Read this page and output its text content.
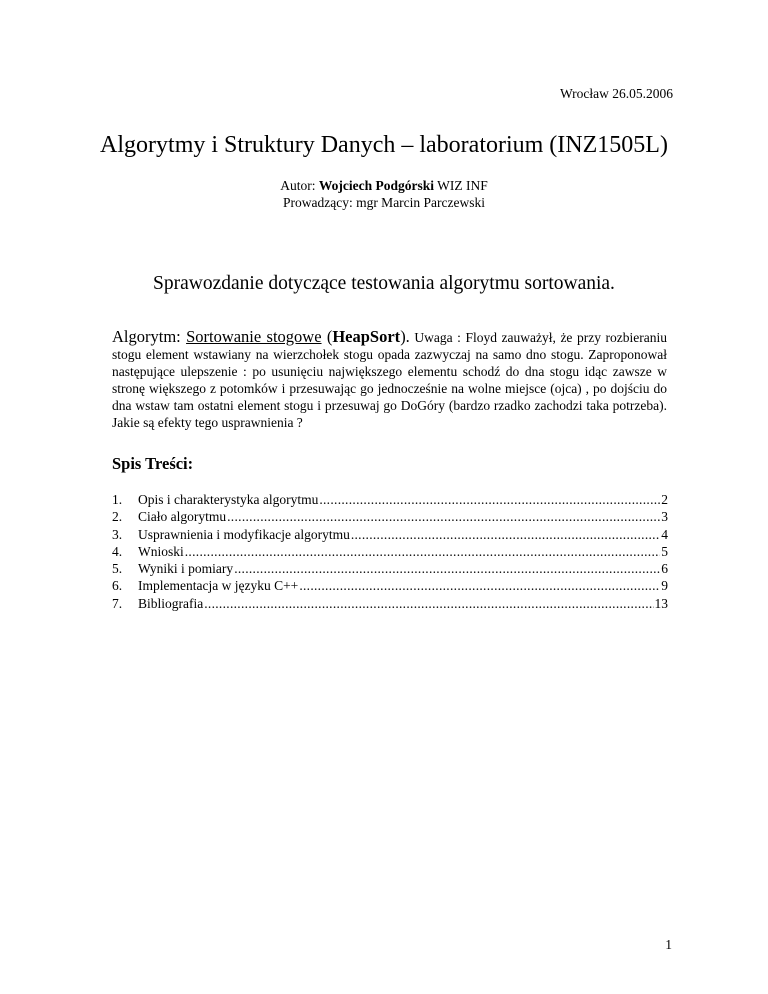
Wrocław 26.05.2006
Algorytmy i Struktury Danych – laboratorium (INZ1505L)
Autor: Wojciech Podgórski WIZ INF
Prowadzący: mgr Marcin Parczewski
Sprawozdanie dotyczące testowania algorytmu sortowania.
Algorytm: Sortowanie stogowe (HeapSort). Uwaga : Floyd zauważył, że przy rozbieraniu stogu element wstawiany na wierzchołek stogu opada zazwyczaj na samo dno stogu. Zaproponował następujące ulepszenie : po usunięciu największego elementu schodź do dna stogu idąc zawsze w stronę większego z potomków i przesuwając go jednocześnie na wolne miejsce (ojca) , po dojściu do dna wstaw tam ostatni element stogu i przesuwaj go DoGóry (bardzo rzadko zachodzi taka potrzeba). Jakie są efekty tego usprawnienia ?
Spis Treści:
1.	Opis i charakterystyka algorytmu .....	2
2.	Ciało algorytmu .....	3
3.	Usprawnienia i modyfikacje algorytmu .....	4
4.	Wnioski .....	5
5.	Wyniki i pomiary .....	6
6.	Implementacja w języku C++ .....	9
7.	Bibliografia .....	13
1
